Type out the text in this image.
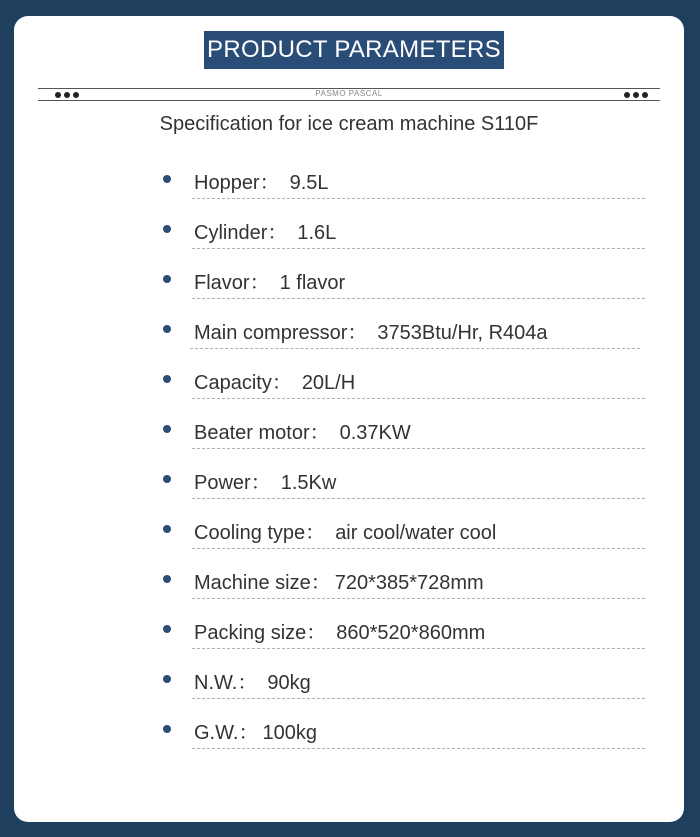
PRODUCT PARAMETERS
PASMO PASCAL
Specification for ice cream machine S110F
Hopper： 9.5L
Cylinder： 1.6L
Flavor： 1 flavor
Main compressor： 3753Btu/Hr, R404a
Capacity： 20L/H
Beater motor： 0.37KW
Power： 1.5Kw
Cooling type： air cool/water cool
Machine size： 720*385*728mm
Packing size： 860*520*860mm
N.W.： 90kg
G.W.： 100kg
